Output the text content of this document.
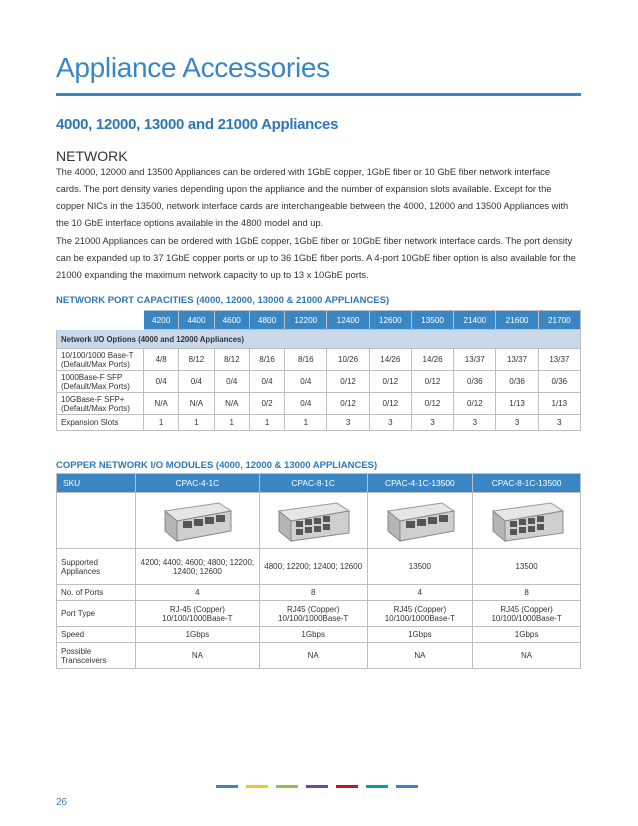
Appliance Accessories
4000, 12000, 13000 and 21000 Appliances
NETWORK
The 4000, 12000 and 13500 Appliances can be ordered with 1GbE copper, 1GbE fiber or 10 GbE fiber network interface cards. The port density varies depending upon the appliance and the number of expansion slots available. Except for the copper NICs in the 13500, network interface cards are interchangeable between the 4000, 12000 and 13500 Appliances with the 10 GbE interface options available in the 4800 model and up.
The 21000 Appliances can be ordered with 1GbE copper, 1GbE fiber or 10GbE fiber network interface cards. The port density can be expanded up to 37 1GbE copper ports or up to 36 1GbE fiber ports. A 4-port 10GbE fiber option is also available for the 21000 expanding the maximum network capacity to up to 13 x 10GbE ports.
NETWORK PORT CAPACITIES (4000, 12000, 13000 & 21000 APPLIANCES)
	4200	4400	4600	4800	12200	12400	12600	13500	21400	21600	21700
Network I/O Options (4000 and 12000 Appliances)											
10/100/1000 Base-T (Default/Max Ports)	4/8	8/12	8/12	8/16	8/16	10/26	14/26	14/26	13/37	13/37	13/37
1000Base-F SFP (Default/Max Ports)	0/4	0/4	0/4	0/4	0/4	0/12	0/12	0/12	0/36	0/36	0/36
10GBase-F SFP+ (Default/Max Ports)	N/A	N/A	N/A	0/2	0/4	0/12	0/12	0/12	0/12	1/13	1/13
Expansion Slots	1	1	1	1	1	3	3	3	3	3	3
COPPER NETWORK I/O MODULES (4000, 12000 & 13000 APPLIANCES)
SKU	CPAC-4-1C	CPAC-8-1C	CPAC-4-1C-13500	CPAC-8-1C-13500

Supported Appliances	4200; 4400; 4600; 4800; 12200; 12400; 12600	4800; 12200; 12400; 12600	13500	13500
No. of Ports	4	8	4	8
Port Type	RJ-45 (Copper) 10/100/1000Base-T	RJ45 (Copper) 10/100/1000Base-T	RJ45 (Copper) 10/100/1000Base-T	RJ45 (Copper) 10/100/1000Base-T
Speed	1Gbps	1Gbps	1Gbps	1Gbps
Possible Transceivers	NA	NA	NA	NA
26
